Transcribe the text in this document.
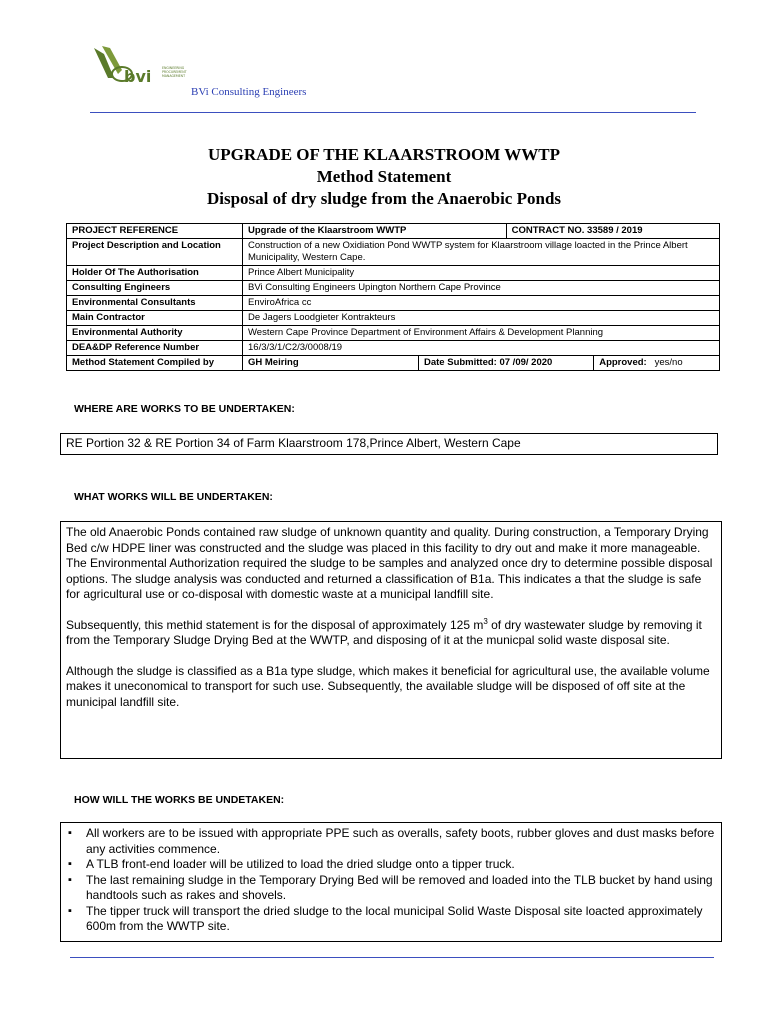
bvi	ENGINEERING
PROCUREMENT
MANAGEMENT
BVi Consulting Engineers
UPGRADE OF THE KLAARSTROOM WWTP
Method Statement
Disposal of dry sludge from the Anaerobic Ponds
PROJECT REFERENCE	Upgrade of the Klaarstroom WWTP		CONTRACT NO. 33589 / 2019	
Project Description and Location	Construction of a new Oxidiation Pond WWTP system for Klaarstroom village loacted in the Prince Albert Municipality, Western Cape.			
Holder Of The Authorisation	Prince Albert Municipality			
Consulting Engineers	BVi Consulting Engineers Upington Northern Cape Province			
Environmental Consultants	EnviroAfrica cc			
Main Contractor	De Jagers Loodgieter Kontrakteurs			
Environmental Authority	Western Cape Province Department of Environment Affairs & Development Planning			
DEA&DP Reference Number	16/3/3/1/C2/3/0008/19			
Method Statement Compiled by	GH Meiring	Date Submitted: 07 /09/ 2020		Approved: yes/no
WHERE ARE WORKS TO BE UNDERTAKEN:
RE Portion 32 & RE Portion 34 of Farm Klaarstroom 178,Prince Albert, Western Cape
WHAT WORKS WILL BE UNDERTAKEN:

The old Anaerobic Ponds contained raw sludge of unknown quantity and quality. During construction, a Temporary Drying Bed c/w HDPE liner was constructed and the sludge was placed in this facility to dry out and make it more manageable. The Environmental Authorization required the sludge to be samples and analyzed once dry to determine possible disposal options. The sludge analysis was conducted and returned a classification of B1a. This indicates a that the sludge is safe for agricultural use or co-disposal with domestic waste at a municipal landfill site.

Subsequently, this methid statement is for the disposal of approximately 125 $m^3$ of dry wastewater sludge by removing it from the Temporary Sludge Drying Bed at the WWTP, and disposing of it at the municpal solid waste disposal site.

Although the sludge is classified as a B1a type sludge, which makes it beneficial for agricultural use, the available volume makes it uneconomical to transport for such use. Subsequently, the available sludge will be disposed of off site at the municipal landfill site.

HOW WILL THE WORKS BE UNDETAKEN:
▪ All workers are to be issued with appropriate PPE such as overalls, safety boots, rubber gloves and dust masks before any activities commence.
▪ A TLB front-end loader will be utilized to load the dried sludge onto a tipper truck.
▪ The last remaining sludge in the Temporary Drying Bed will be removed and loaded into the TLB bucket by hand using handtools such as rakes and shovels.
▪ The tipper truck will transport the dried sludge to the local municipal Solid Waste Disposal site loacted approximately 600m from the WWTP site.
